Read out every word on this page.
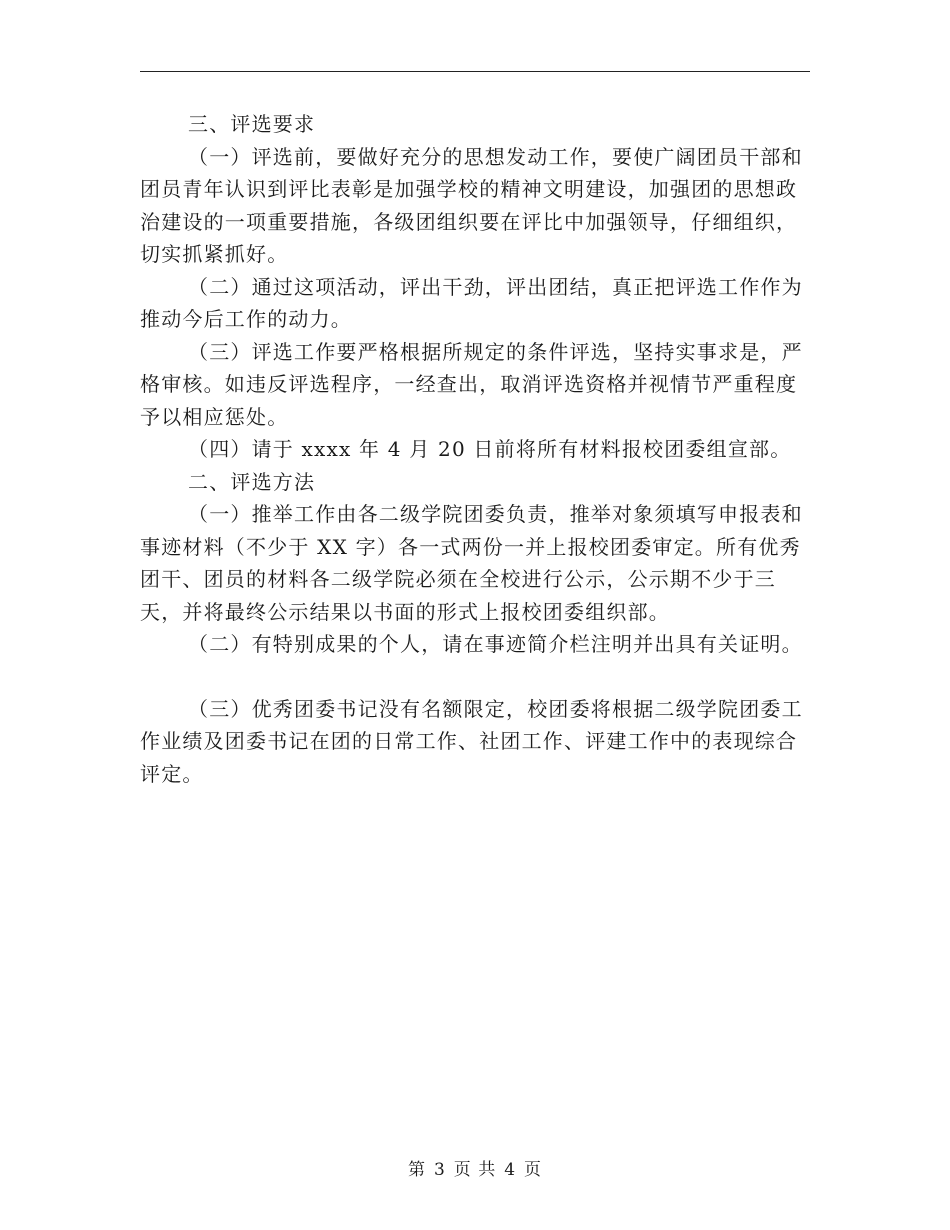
三、评选要求

（一）评选前，要做好充分的思想发动工作，要使广阔团员干部和团员青年认识到评比表彰是加强学校的精神文明建设，加强团的思想政治建设的一项重要措施，各级团组织要在评比中加强领导，仔细组织，切实抓紧抓好。

（二）通过这项活动，评出干劲，评出团结，真正把评选工作作为推动今后工作的动力。

（三）评选工作要严格根据所规定的条件评选，坚持实事求是，严格审核。如违反评选程序，一经查出，取消评选资格并视情节严重程度予以相应惩处。

（四）请于 xxxx 年 4 月 20 日前将所有材料报校团委组宣部。

二、评选方法

（一）推举工作由各二级学院团委负责，推举对象须填写申报表和事迹材料（不少于 XX 字）各一式两份一并上报校团委审定。所有优秀团干、团员的材料各二级学院必须在全校进行公示，公示期不少于三天，并将最终公示结果以书面的形式上报校团委组织部。

（二）有特别成果的个人，请在事迹简介栏注明并出具有关证明。

（三）优秀团委书记没有名额限定，校团委将根据二级学院团委工作业绩及团委书记在团的日常工作、社团工作、评建工作中的表现综合评定。

第 3 页 共 4 页
